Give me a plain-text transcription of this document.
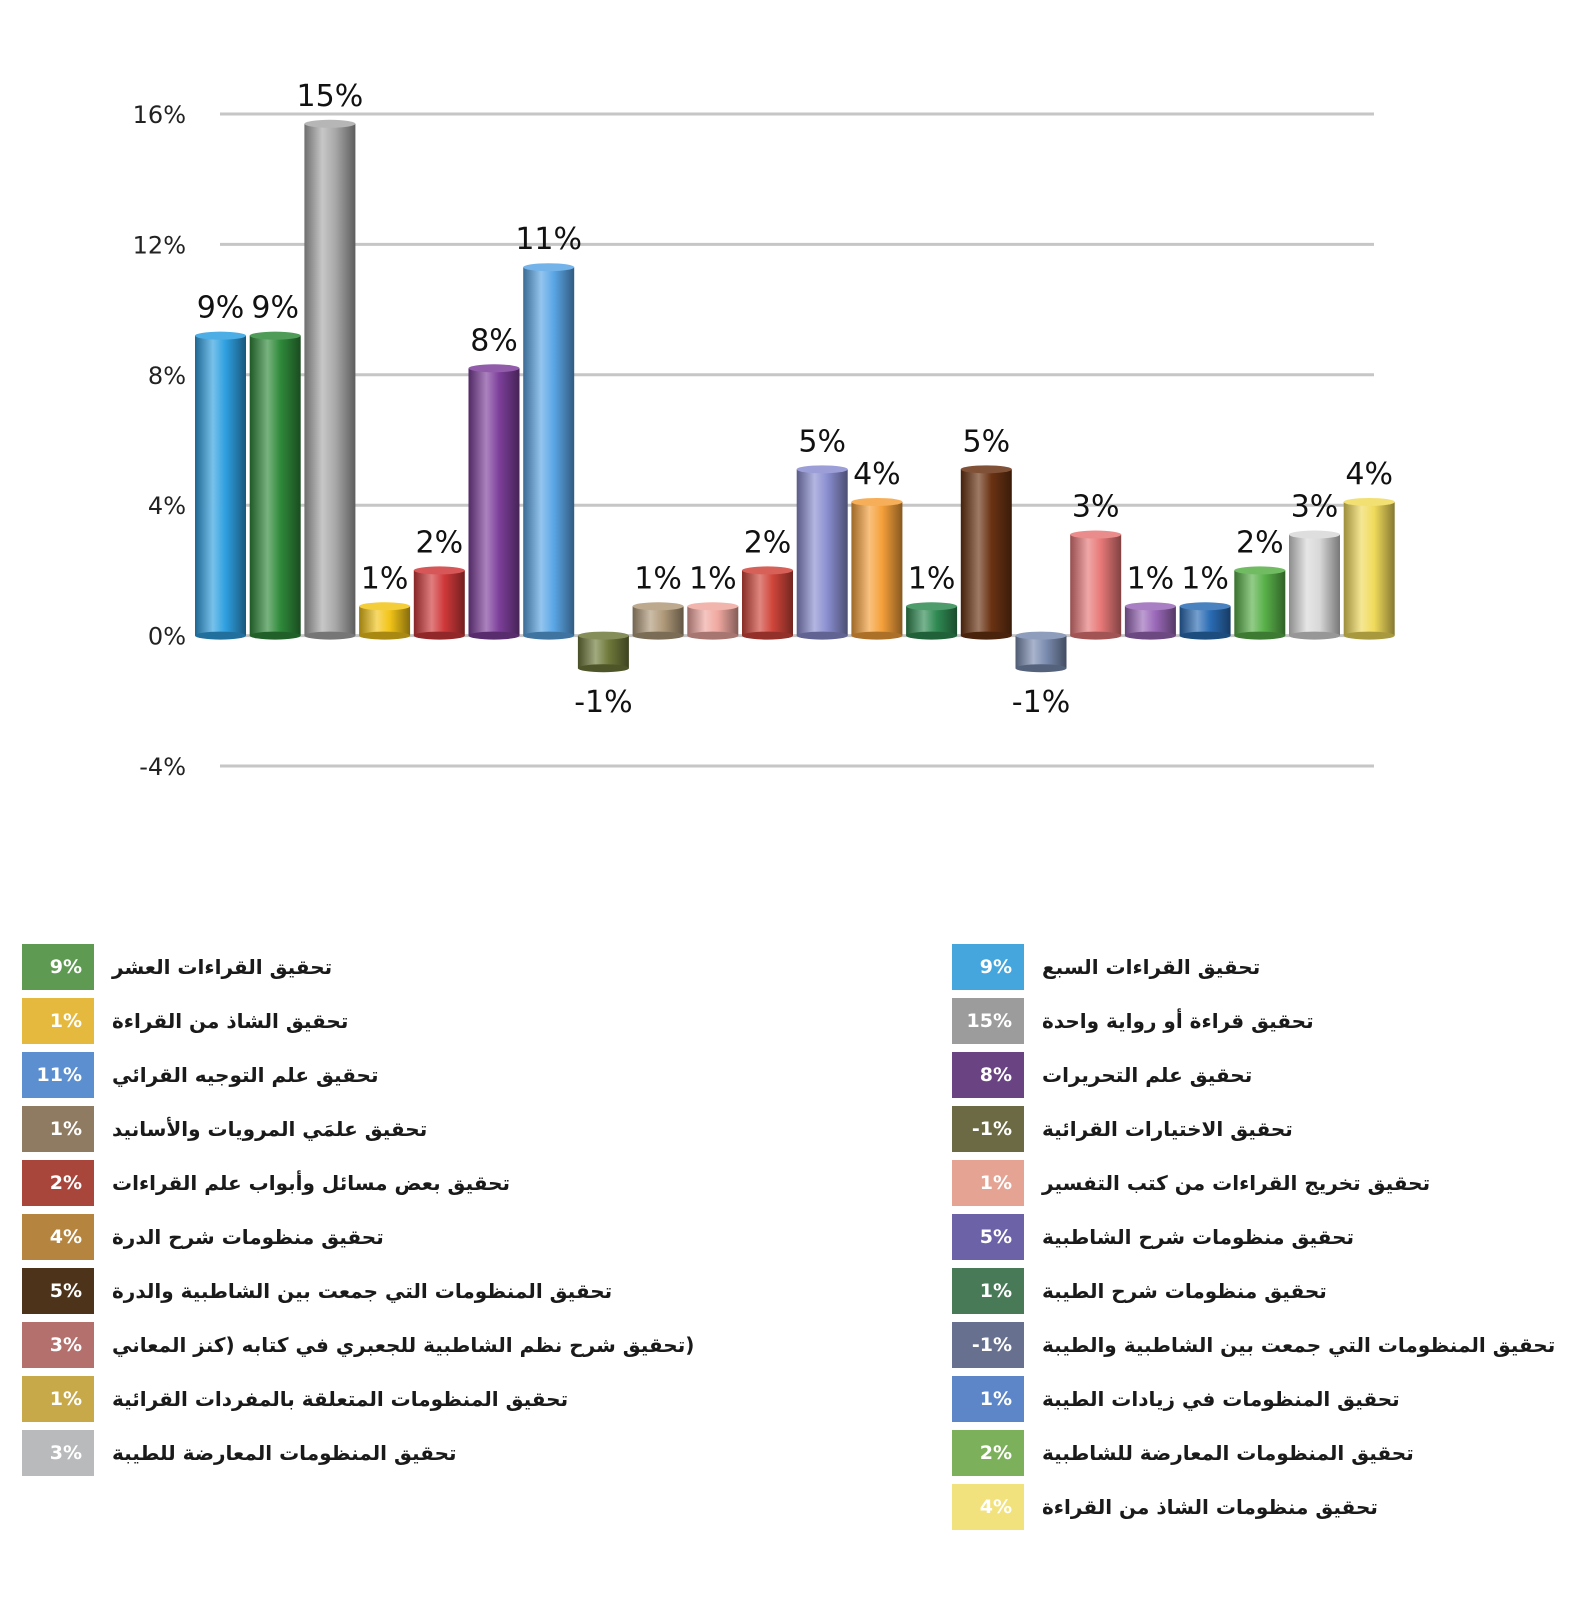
-4%
0%
4%
8%
12%
16%
9% 9%
15%
1%
2%
8%
11%
-1%
1% 1%
2%
5%
4%
1%
5%
-1%
3%
1% 1%
2%
3%
4%
9%	تحقيق القراءات العشر
1%	تحقيق الشاذ من القراءة
11%	تحقيق علم التوجيه القرائي
1%	تحقيق علمَي المرويات والأسانيد
2%	تحقيق بعض مسائل وأبواب علم القراءات
4%	تحقيق منظومات شرح الدرة
5%	تحقيق المنظومات التي جمعت بين الشاطبية والدرة
3%	(تحقيق شرح نظم الشاطبية للجعبري في كتابه (كنز المعاني
1%	تحقيق المنظومات المتعلقة بالمفردات القرائية
3%	تحقيق المنظومات المعارضة للطيبة
9%	تحقيق القراءات السبع
15%	تحقيق قراءة أو رواية واحدة
8%	تحقيق علم التحريرات
-1%	تحقيق الاختيارات القرائية
1%	تحقيق تخريج القراءات من كتب التفسير
5%	تحقيق منظومات شرح الشاطبية
1%	تحقيق منظومات شرح الطيبة
-1%	تحقيق المنظومات التي جمعت بين الشاطبية والطيبة
1%	تحقيق المنظومات في زيادات الطيبة
2%	تحقيق المنظومات المعارضة للشاطبية
4%	تحقيق منظومات الشاذ من القراءة
